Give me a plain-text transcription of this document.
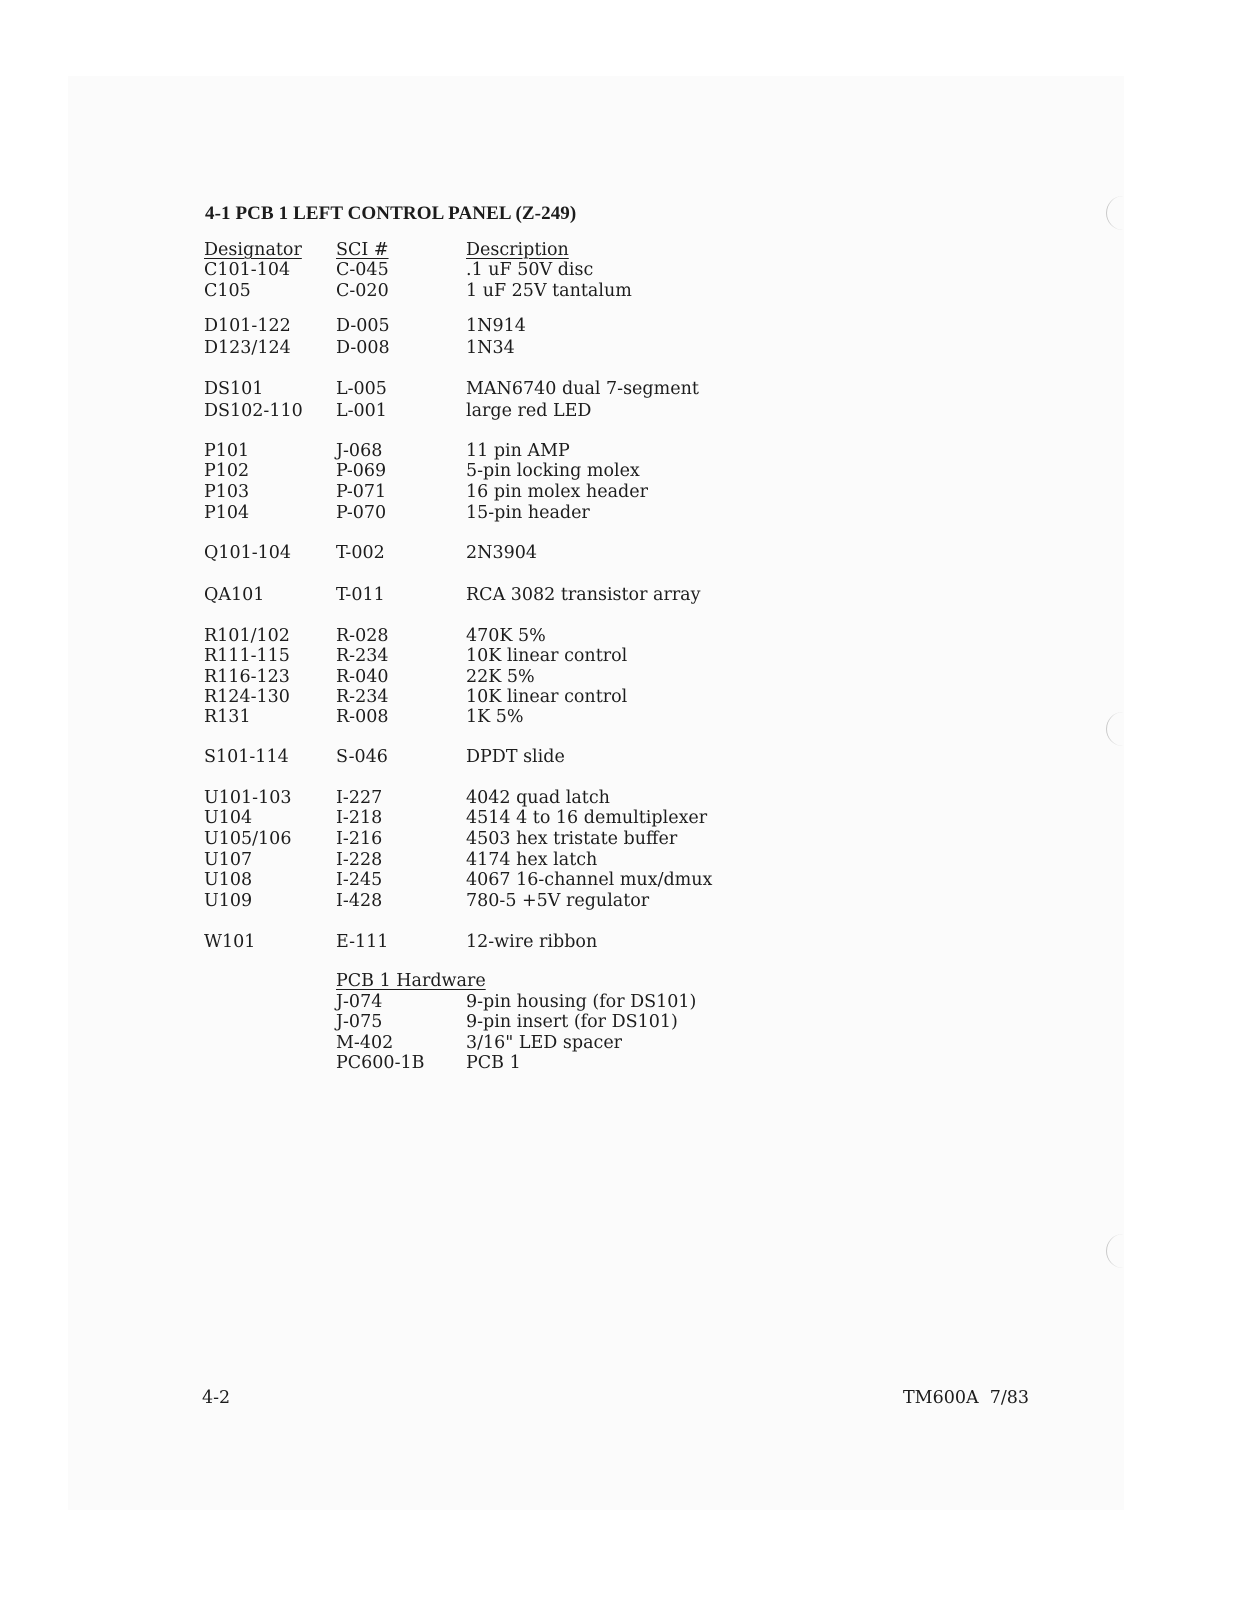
4-1 PCB 1 LEFT CONTROL PANEL (Z-249)
Designator SCI #	Description
C101-104	C-045	.1 uF 50V disc
C105	C-020	1 uF 25V tantalum
D101-122	D-005	1N914
D123/124	D-008	1N34
DS101	L-005	MAN6740 dual 7-segment
DS102-110 L-001	large red LED
P101	J-068	11 pin AMP
P102	P-069	5-pin locking molex
P103	P-071	16 pin molex header
P104	P-070	15-pin header
Q101-104	T-002	2N3904
QA101	T-011	RCA 3082 transistor array
R101/102	R-028	470K 5%
R111-115	R-234	10K linear control
R116-123	R-040	22K 5%
R124-130	R-234	10K linear control
R131	R-008	1K 5%
S101-114	S-046	DPDT slide
U101-103	I-227	4042 quad latch
U104	I-218	4514 4 to 16 demultiplexer
U105/106	I-216	4503 hex tristate buffer
U107	I-228	4174 hex latch
U108	I-245	4067 16-channel mux/dmux
U109	I-428	780-5 +5V regulator
W101	E-111	12-wire ribbon
PCB 1 Hardware
J-074	9-pin housing (for DS101)
J-075	9-pin insert (for DS101)
M-402	3/16" LED spacer
PC600-1B PCB 1
4-2	TM600A  7/83
